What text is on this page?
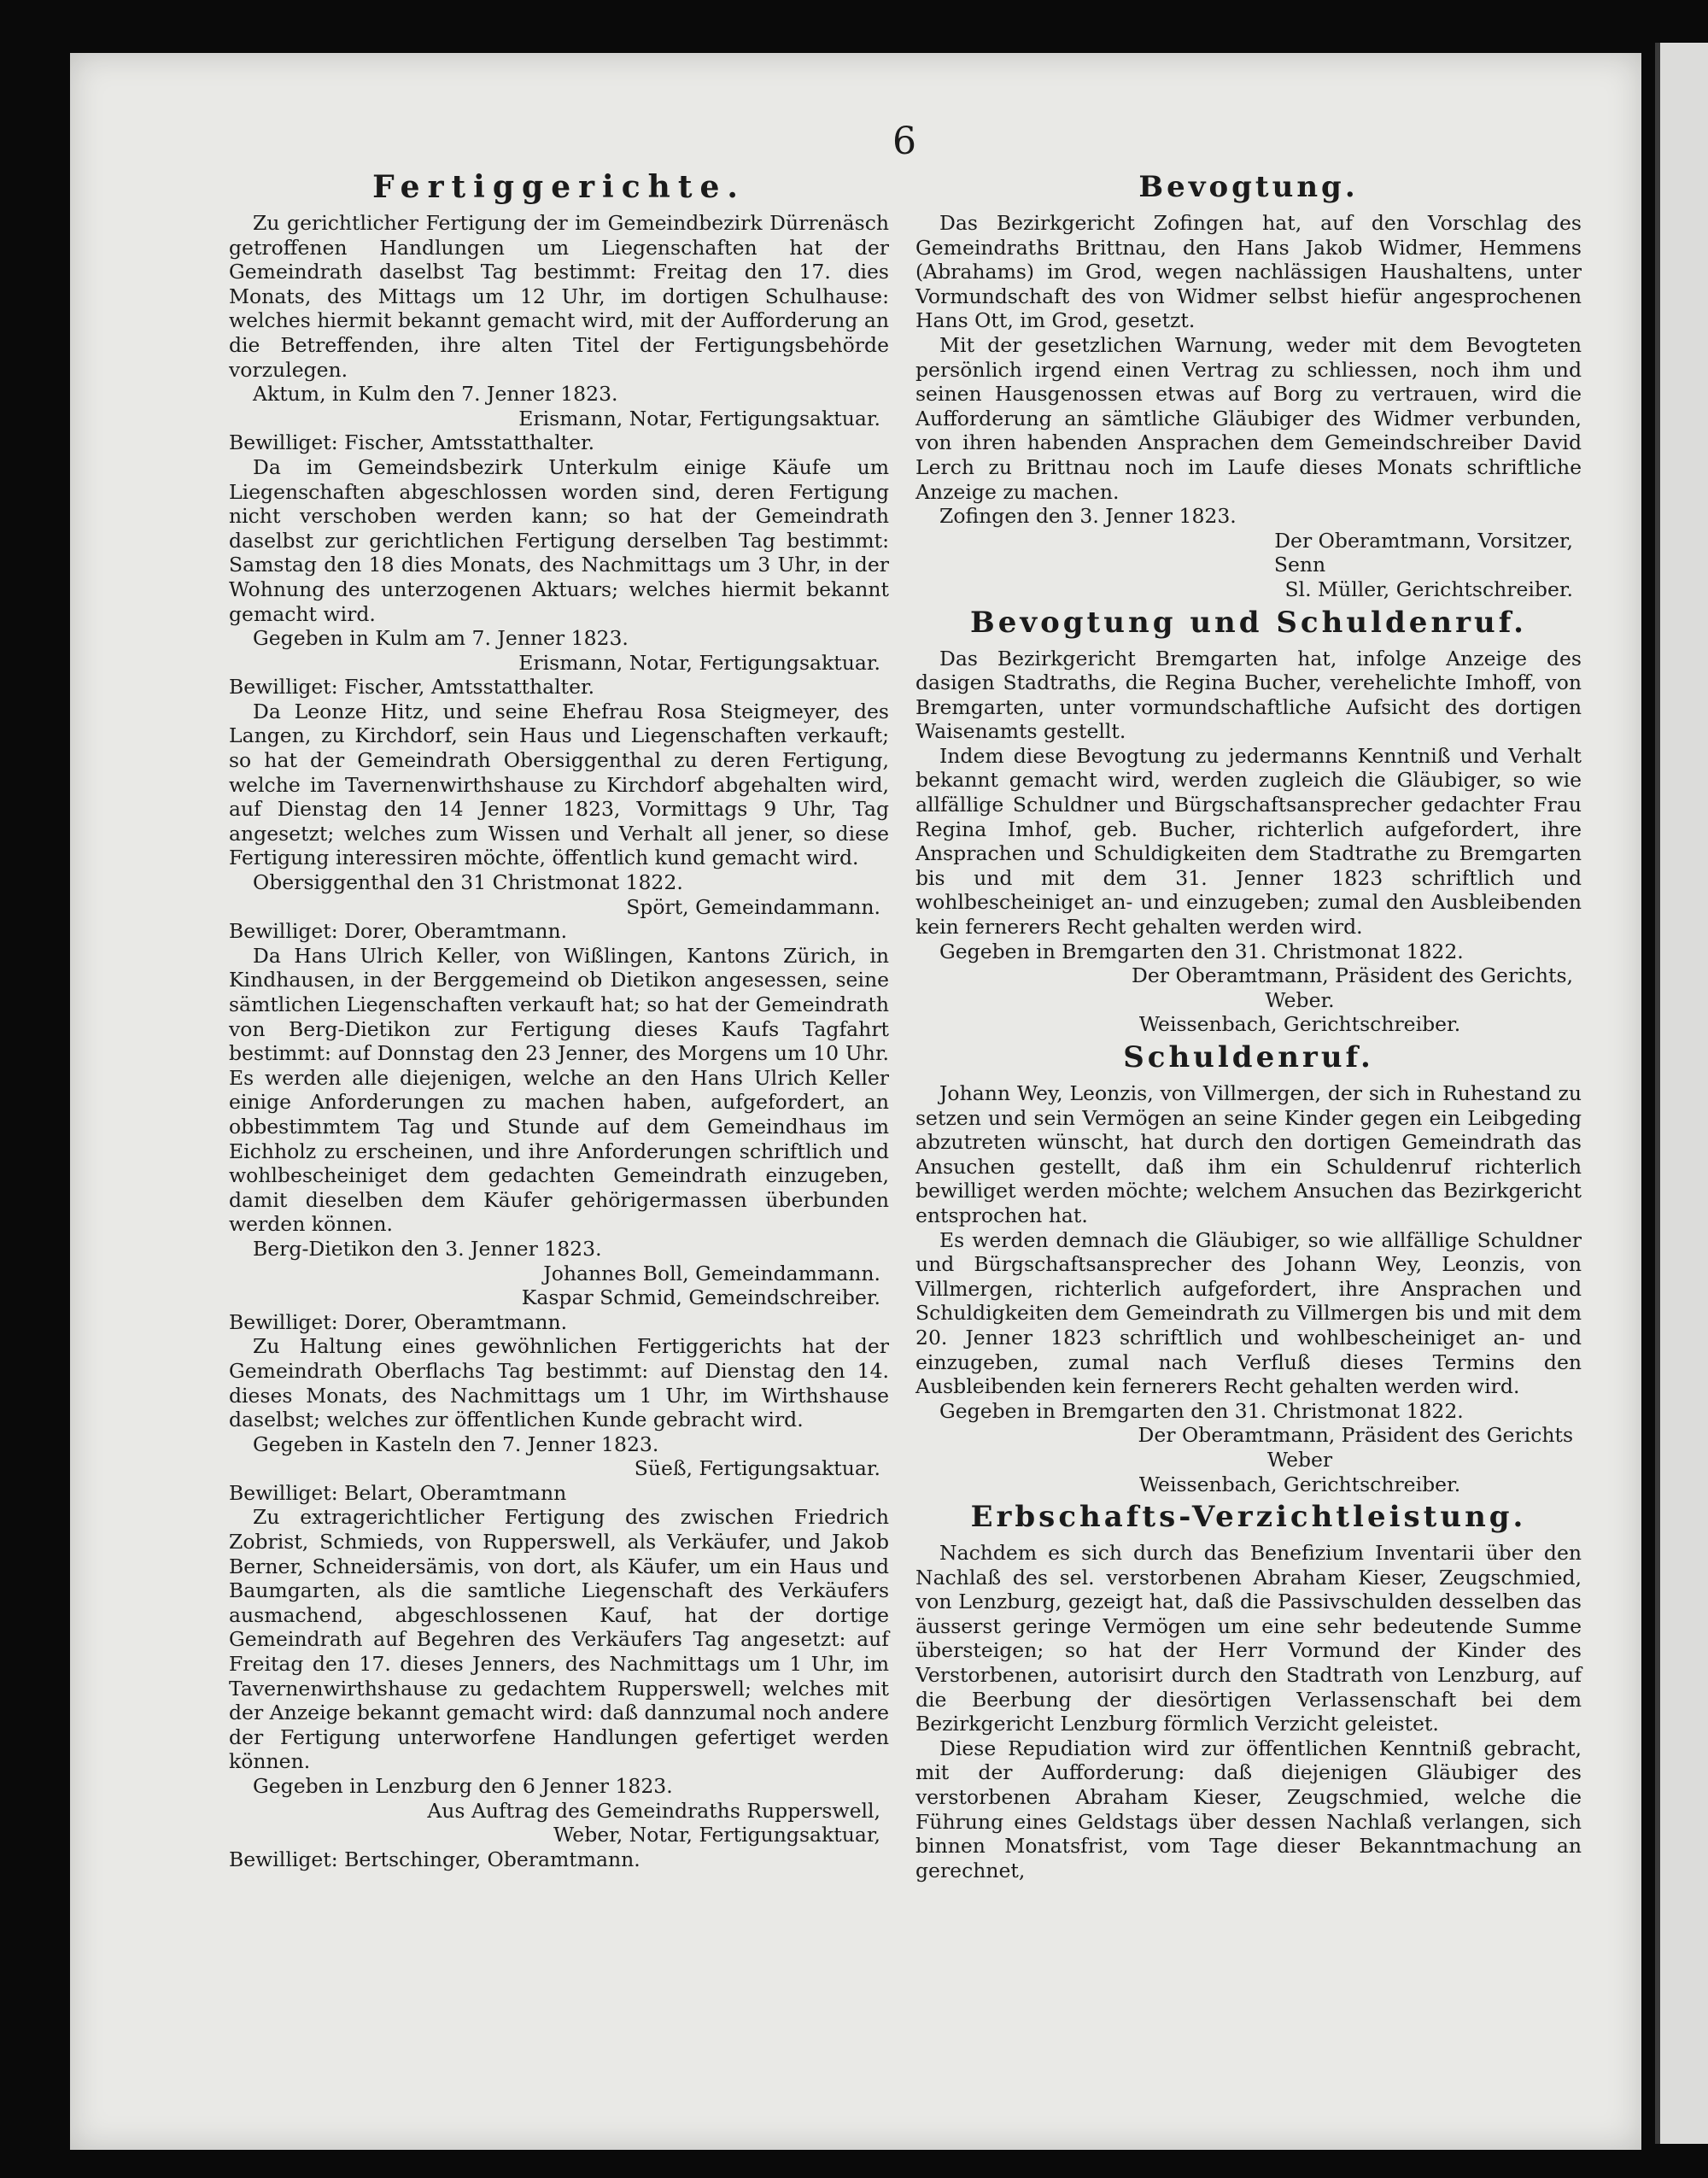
6
Fertiggerichte.

Zu gerichtlicher Fertigung der im Gemeindbezirk Dürrenäsch getroffenen Handlungen um Liegenschaften hat der Gemeindrath daselbst Tag bestimmt: Freitag den 17. dies Monats, des Mittags um 12 Uhr, im dortigen Schulhause: welches hiermit bekannt gemacht wird, mit der Aufforderung an die Betreffenden, ihre alten Titel der Fertigungsbehörde vorzulegen.

Aktum, in Kulm den 7. Jenner 1823.
Erismann, Notar, Fertigungsaktuar.
Bewilliget: Fischer, Amtsstatthalter.

Da im Gemeindsbezirk Unterkulm einige Käufe um Liegenschaften abgeschlossen worden sind, deren Fertigung nicht verschoben werden kann; so hat der Gemeindrath daselbst zur gerichtlichen Fertigung derselben Tag bestimmt: Samstag den 18 dies Monats, des Nachmittags um 3 Uhr, in der Wohnung des unterzogenen Aktuars; welches hiermit bekannt gemacht wird.

Gegeben in Kulm am 7. Jenner 1823.
Erismann, Notar, Fertigungsaktuar.
Bewilliget: Fischer, Amtsstatthalter.

Da Leonze Hitz, und seine Ehefrau Rosa Steigmeyer, des Langen, zu Kirchdorf, sein Haus und Liegenschaften verkauft; so hat der Gemeindrath Obersiggenthal zu deren Fertigung, welche im Tavernenwirthshause zu Kirchdorf abgehalten wird, auf Dienstag den 14 Jenner 1823, Vormittags 9 Uhr, Tag angesetzt; welches zum Wissen und Verhalt all jener, so diese Fertigung interessiren möchte, öffentlich kund gemacht wird.

Obersiggenthal den 31 Christmonat 1822.
Spört, Gemeindammann.
Bewilliget: Dorer, Oberamtmann.

Da Hans Ulrich Keller, von Wißlingen, Kantons Zürich, in Kindhausen, in der Berggemeind ob Dietikon angesessen, seine sämtlichen Liegenschaften verkauft hat; so hat der Gemeindrath von Berg-Dietikon zur Fertigung dieses Kaufs Tagfahrt bestimmt: auf Donnstag den 23 Jenner, des Morgens um 10 Uhr. Es werden alle diejenigen, welche an den Hans Ulrich Keller einige Anforderungen zu machen haben, aufgefordert, an obbestimmtem Tag und Stunde auf dem Gemeindhaus im Eichholz zu erscheinen, und ihre Anforderungen schriftlich und wohlbescheiniget dem gedachten Gemeindrath einzugeben, damit dieselben dem Käufer gehörigermassen überbunden werden können.

Berg-Dietikon den 3. Jenner 1823.
Johannes Boll, Gemeindammann.
Kaspar Schmid, Gemeindschreiber.
Bewilliget: Dorer, Oberamtmann.

Zu Haltung eines gewöhnlichen Fertiggerichts hat der Gemeindrath Oberflachs Tag bestimmt: auf Dienstag den 14. dieses Monats, des Nachmittags um 1 Uhr, im Wirthshause daselbst; welches zur öffentlichen Kunde gebracht wird.

Gegeben in Kasteln den 7. Jenner 1823.
Süeß, Fertigungsaktuar.
Bewilliget: Belart, Oberamtmann

Zu extragerichtlicher Fertigung des zwischen Friedrich Zobrist, Schmieds, von Rupperswell, als Verkäufer, und Jakob Berner, Schneidersämis, von dort, als Käufer, um ein Haus und Baumgarten, als die samtliche Liegenschaft des Verkäufers ausmachend, abgeschlossenen Kauf, hat der dortige Gemeindrath auf Begehren des Verkäufers Tag angesetzt: auf Freitag den 17. dieses Jenners, des Nachmittags um 1 Uhr, im Tavernenwirthshause zu gedachtem Rupperswell; welches mit der Anzeige bekannt gemacht wird: daß dannzumal noch andere der Fertigung unterworfene Handlungen gefertiget werden können.

Gegeben in Lenzburg den 6 Jenner 1823.
Aus Auftrag des Gemeindraths Rupperswell,
Weber, Notar, Fertigungsaktuar,
Bewilliget: Bertschinger, Oberamtmann.
Bevogtung.

Das Bezirkgericht Zofingen hat, auf den Vorschlag des Gemeindraths Brittnau, den Hans Jakob Widmer, Hemmens (Abrahams) im Grod, wegen nachlässigen Haushaltens, unter Vormundschaft des von Widmer selbst hiefür angesprochenen Hans Ott, im Grod, gesetzt.

Mit der gesetzlichen Warnung, weder mit dem Bevogteten persönlich irgend einen Vertrag zu schliessen, noch ihm und seinen Hausgenossen etwas auf Borg zu vertrauen, wird die Aufforderung an sämtliche Gläubiger des Widmer verbunden, von ihren habenden Ansprachen dem Gemeindschreiber David Lerch zu Brittnau noch im Laufe dieses Monats schriftliche Anzeige zu machen.

Zofingen den 3. Jenner 1823.
Der Oberamtmann, Vorsitzer,
Senn
Sl. Müller, Gerichtschreiber.
Bevogtung und Schuldenruf.

Das Bezirkgericht Bremgarten hat, infolge Anzeige des dasigen Stadtraths, die Regina Bucher, verehelichte Imhoff, von Bremgarten, unter vormundschaftliche Aufsicht des dortigen Waisenamts gestellt.

Indem diese Bevogtung zu jedermanns Kenntniß und Verhalt bekannt gemacht wird, werden zugleich die Gläubiger, so wie allfällige Schuldner und Bürgschaftsansprecher gedachter Frau Regina Imhof, geb. Bucher, richterlich aufgefordert, ihre Ansprachen und Schuldigkeiten dem Stadtrathe zu Bremgarten bis und mit dem 31. Jenner 1823 schriftlich und wohlbescheiniget an- und einzugeben; zumal den Ausbleibenden kein fernerers Recht gehalten werden wird.

Gegeben in Bremgarten den 31. Christmonat 1822.
Der Oberamtmann, Präsident des Gerichts,
Weber.
Weissenbach, Gerichtschreiber.
Schuldenruf.

Johann Wey, Leonzis, von Villmergen, der sich in Ruhestand zu setzen und sein Vermögen an seine Kinder gegen ein Leibgeding abzutreten wünscht, hat durch den dortigen Gemeindrath das Ansuchen gestellt, daß ihm ein Schuldenruf richterlich bewilliget werden möchte; welchem Ansuchen das Bezirkgericht entsprochen hat.

Es werden demnach die Gläubiger, so wie allfällige Schuldner und Bürgschaftsansprecher des Johann Wey, Leonzis, von Villmergen, richterlich aufgefordert, ihre Ansprachen und Schuldigkeiten dem Gemeindrath zu Villmergen bis und mit dem 20. Jenner 1823 schriftlich und wohlbescheiniget an- und einzugeben, zumal nach Verfluß dieses Termins den Ausbleibenden kein fernerers Recht gehalten werden wird.

Gegeben in Bremgarten den 31. Christmonat 1822.
Der Oberamtmann, Präsident des Gerichts
Weber
Weissenbach, Gerichtschreiber.
Erbschafts-Verzichtleistung.

Nachdem es sich durch das Benefizium Inventarii über den Nachlaß des sel. verstorbenen Abraham Kieser, Zeugschmied, von Lenzburg, gezeigt hat, daß die Passivschulden desselben das äusserst geringe Vermögen um eine sehr bedeutende Summe übersteigen; so hat der Herr Vormund der Kinder des Verstorbenen, autorisirt durch den Stadtrath von Lenzburg, auf die Beerbung der diesörtigen Verlassenschaft bei dem Bezirkgericht Lenzburg förmlich Verzicht geleistet.

Diese Repudiation wird zur öffentlichen Kenntniß gebracht, mit der Aufforderung: daß diejenigen Gläubiger des verstorbenen Abraham Kieser, Zeugschmied, welche die Führung eines Geldstags über dessen Nachlaß verlangen, sich binnen Monatsfrist, vom Tage dieser Bekanntmachung an gerechnet,
